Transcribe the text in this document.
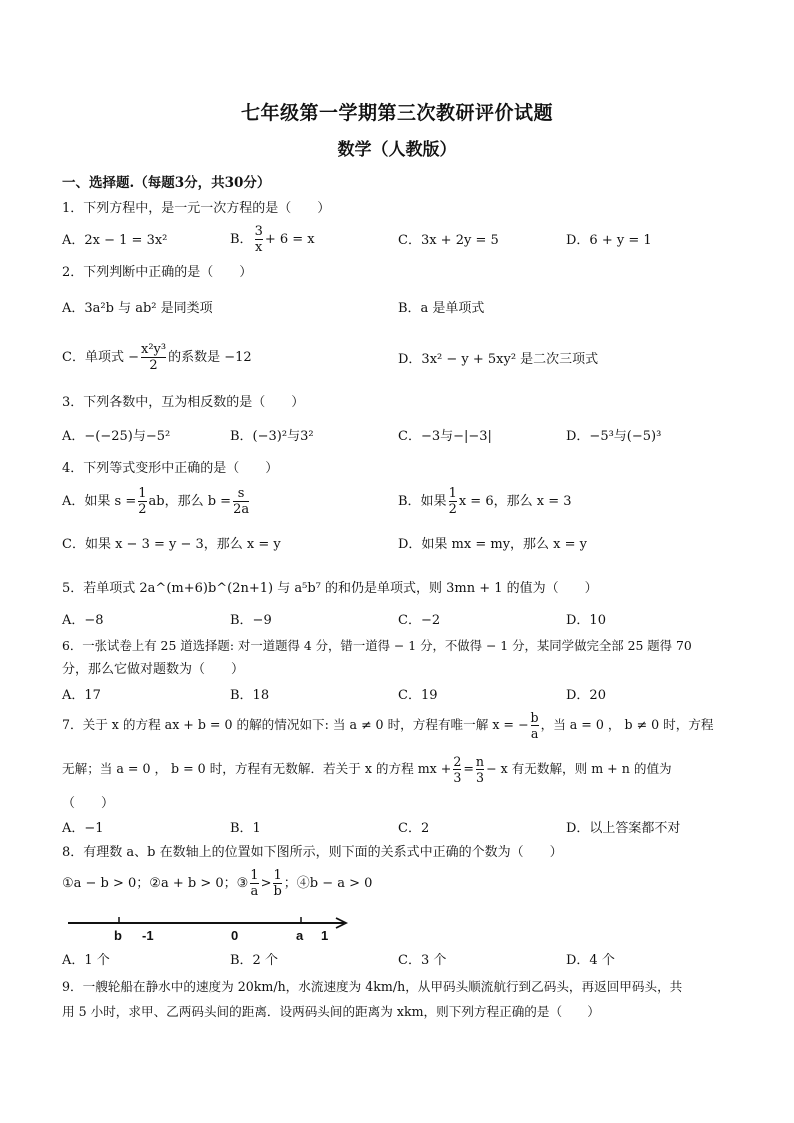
七年级第一学期第三次教研评价试题
数学（人教版）
一、选择题.（每题3分，共30分）
1．下列方程中，是一元一次方程的是（　　）
A．2x − 1 = 3x²	B． $\frac{3}{x} + 6 = x$	C．3x + 2y = 5	D．6 + y = 1
2．下列判断中正确的是（　　）
A．3a²b 与 ab² 是同类项	B．a 是单项式
C．单项式 − $\frac{\text{x²y³}}{2}$ 的系数是 −12	D．3x² − y + 5xy² 是二次三项式
3．下列各数中，互为相反数的是（　　）
A．−(−25)与−5²	B．(−3)²与3²	C．−3与−|−3|	D．−5³与(−5)³
4．下列等式变形中正确的是（　　）
A．如果 $s = \frac{1}{2}$ ab，那么 $b = \frac{s}{2a}$	B．如果 $\frac{1}{2}$ x = 6，那么 x = 3
C．如果 x − 3 = y − 3，那么 x = y	D．如果 mx = my，那么 x = y
5．若单项式 2a^(m+6)b^(2n+1) 与 a⁵b⁷ 的和仍是单项式，则 3mn + 1 的值为（　　）
A．−8	B．−9	C．−2	D．10
6．一张试卷上有 25 道选择题: 对一道题得 4 分，错一道得 − 1 分，不做得 − 1 分，某同学做完全部 25 题得 70
分，那么它做对题数为（　　）
A．17	B．18	C．19	D．20
7．关于 x 的方程 ax + b = 0 的解的情况如下: 当 a ≠ 0 时，方程有唯一解 x = − $\frac{b}{a}$ ，当 a = 0 ， b ≠ 0 时，方程
无解；当 a = 0 ， b = 0 时，方程有无数解．若关于 x 的方程 mx + $\frac{2}{3} = \frac{n}{3} - x$ 有无数解，则 m + n 的值为
（　　）
A．−1	B．1	C．2	D．以上答案都不对
8．有理数 a、b 在数轴上的位置如下图所示，则下面的关系式中正确的个数为（　　）
①a − b > 0；②a + b > 0；③ $\frac{1}{a} > \frac{1}{b}$ ；④b − a > 0
b -1	0	a 1
A．1 个	B．2 个	C．3 个	D．4 个
9．一艘轮船在静水中的速度为 20km/h，水流速度为 4km/h，从甲码头顺流航行到乙码头，再返回甲码头，共
用 5 小时，求甲、乙两码头间的距离．设两码头间的距离为 xkm，则下列方程正确的是（　　）
